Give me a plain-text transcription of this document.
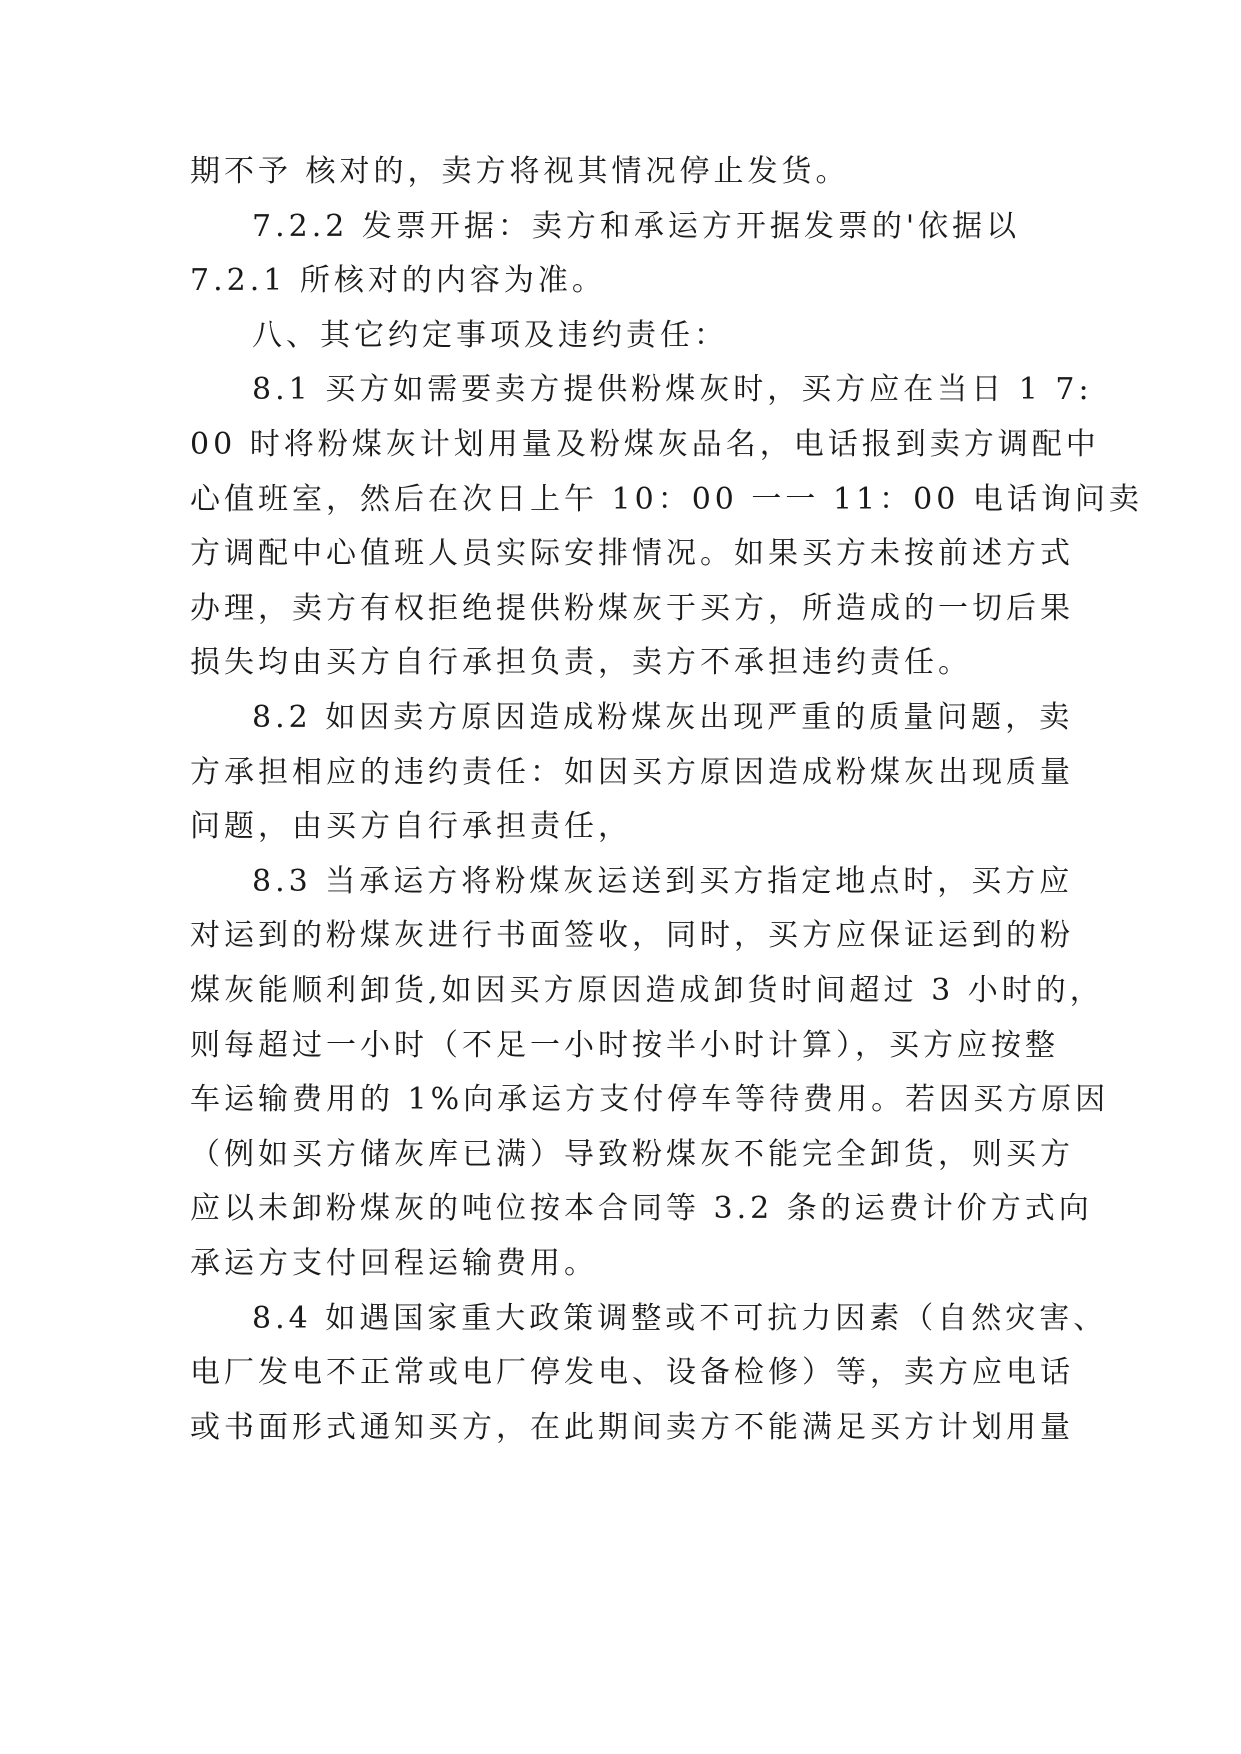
期不予 核对的，卖方将视其情况停止发货。
7.2.2 发票开据：卖方和承运方开据发票的'依据以
7.2.1 所核对的内容为准。
八、其它约定事项及违约责任：
8.1 买方如需要卖方提供粉煤灰时，买方应在当日 1 7:
00 时将粉煤灰计划用量及粉煤灰品名，电话报到卖方调配中
心值班室，然后在次日上午 10：00 一一 11：00 电话询问卖
方调配中心值班人员实际安排情况。如果买方未按前述方式
办理，卖方有权拒绝提供粉煤灰于买方，所造成的一切后果
损失均由买方自行承担负责，卖方不承担违约责任。
8.2 如因卖方原因造成粉煤灰出现严重的质量问题，卖
方承担相应的违约责任：如因买方原因造成粉煤灰出现质量
问题，由买方自行承担责任，
8.3 当承运方将粉煤灰运送到买方指定地点时，买方应
对运到的粉煤灰进行书面签收，同时，买方应保证运到的粉
煤灰能顺利卸货,如因买方原因造成卸货时间超过 3 小时的，
则每超过一小时（不足一小时按半小时计算），买方应按整
车运输费用的 1%向承运方支付停车等待费用。若因买方原因
（例如买方储灰库已满）导致粉煤灰不能完全卸货，则买方
应以未卸粉煤灰的吨位按本合同等 3.2 条的运费计价方式向
承运方支付回程运输费用。
8.4 如遇国家重大政策调整或不可抗力因素（自然灾害、
电厂发电不正常或电厂停发电、设备检修）等，卖方应电话
或书面形式通知买方，在此期间卖方不能满足买方计划用量
